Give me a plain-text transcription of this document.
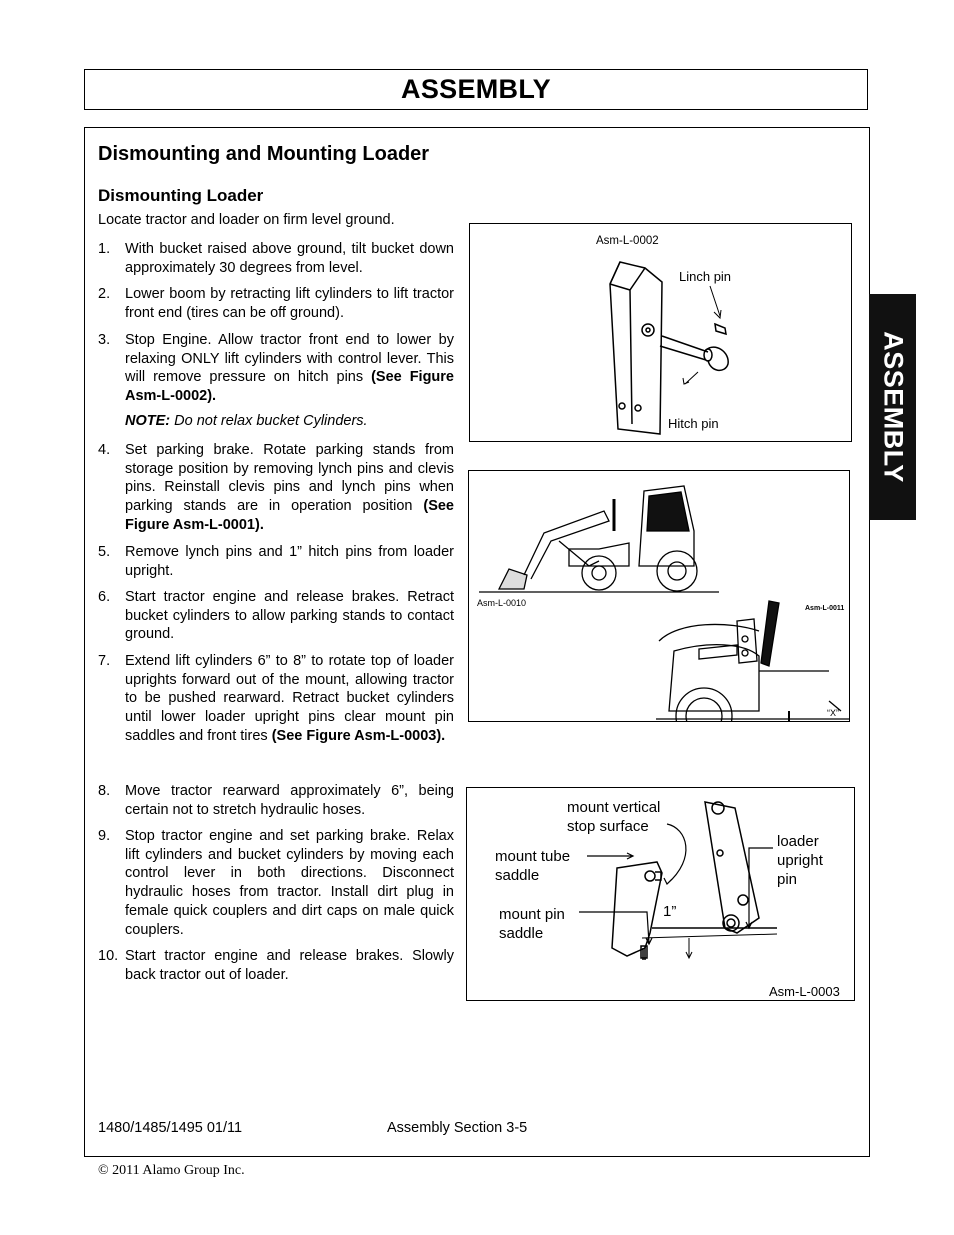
ASSEMBLY
ASSEMBLY
Dismounting and Mounting Loader
Dismounting Loader
Locate tractor and loader on firm level ground.
1. With bucket raised above ground, tilt bucket down approximately 30 degrees from level.
2. Lower boom by retracting lift cylinders to lift tractor front end (tires can be off ground).
3. Stop Engine. Allow tractor front end to lower by relaxing ONLY lift cylinders with control lever. This will remove pressure on hitch pins (See Figure Asm-L-0002).
NOTE: Do not relax bucket Cylinders.
4. Set parking brake. Rotate parking stands from storage position by removing lynch pins and clevis pins. Reinstall clevis pins and lynch pins when parking stands are in operation position (See Figure Asm-L-0001).
5. Remove lynch pins and 1” hitch pins from loader upright.
6. Start tractor engine and release brakes. Retract bucket cylinders to allow parking stands to contact ground.
7. Extend lift cylinders 6” to 8” to rotate top of loader uprights forward out of the mount, allowing tractor to be pushed rearward. Retract bucket cylinders until lower loader upright pins clear mount pin saddles and front tires (See Figure Asm-L-0003).
8. Move tractor rearward approximately 6”, being certain not to stretch hydraulic hoses.
9. Stop tractor engine and set parking brake. Relax lift cylinders and bucket cylinders by moving each control lever in both directions. Disconnect hydraulic hoses from tractor. Install dirt plug in female quick couplers and dirt caps on male quick couplers.
10. Start tractor engine and release brakes. Slowly back tractor out of loader.
Asm-L-0002
Linch pin
Hitch pin
Asm-L-0010
Asm-L-0011
“X”
mount vertical
stop surface
mount tube
saddle
mount pin
saddle
loader
upright
pin
1”
Asm-L-0003
1480/1485/1495 01/11	Assembly Section 3-5
© 2011 Alamo Group Inc.
